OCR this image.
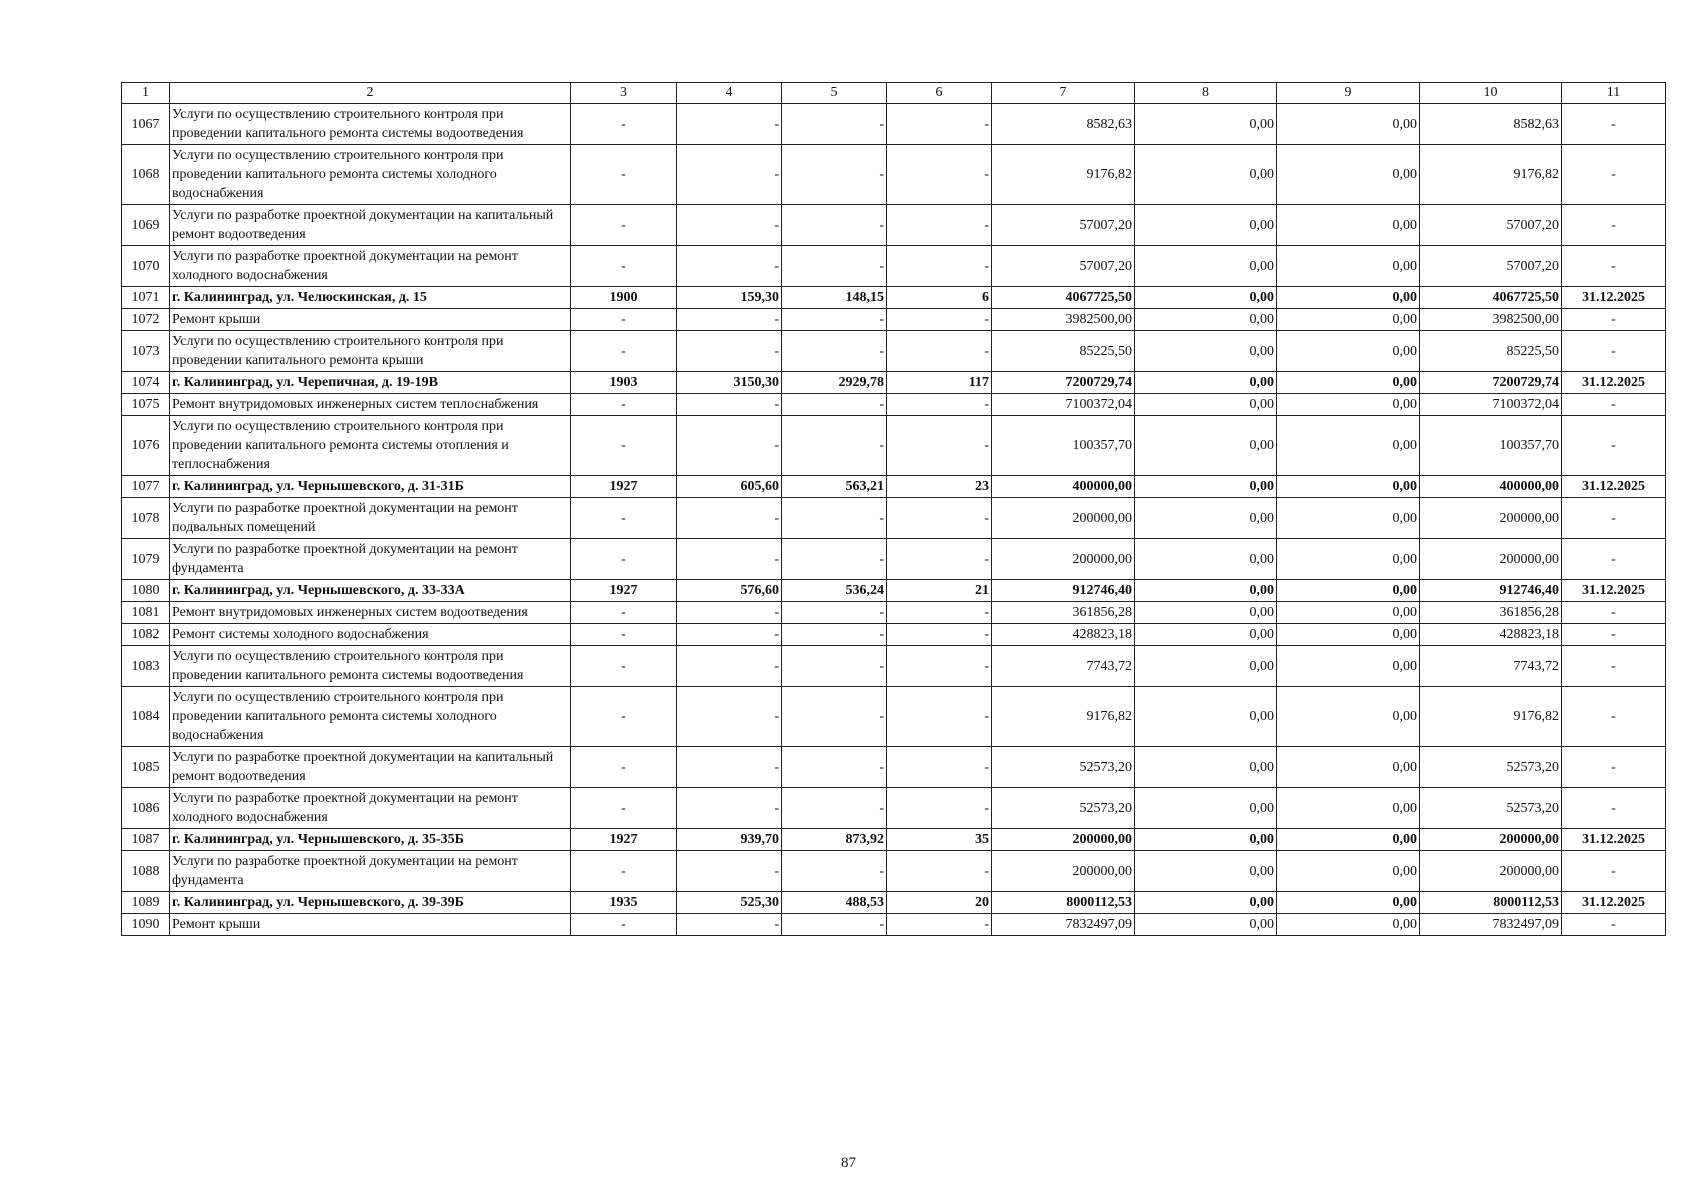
1	2	3	4	5	6	7	8	9	10	11
1067	Услуги по осуществлению строительного контроля при проведении капитального ремонта системы водоотведения	-	-	-	-	8582,63	0,00	0,00	8582,63	-
1068	Услуги по осуществлению строительного контроля при проведении капитального ремонта системы холодного водоснабжения	-	-	-	-	9176,82	0,00	0,00	9176,82	-
1069	Услуги по разработке проектной документации на капитальный ремонт водоотведения	-	-	-	-	57007,20	0,00	0,00	57007,20	-
1070	Услуги по разработке проектной документации на ремонт холодного водоснабжения	-	-	-	-	57007,20	0,00	0,00	57007,20	-
1071	г. Калининград, ул. Челюскинская, д. 15	1900	159,30	148,15	6	4067725,50	0,00	0,00	4067725,50	31.12.2025
1072	Ремонт крыши	-	-	-	-	3982500,00	0,00	0,00	3982500,00	-
1073	Услуги по осуществлению строительного контроля при проведении капитального ремонта крыши	-	-	-	-	85225,50	0,00	0,00	85225,50	-
1074	г. Калининград, ул. Черепичная, д. 19-19В	1903	3150,30	2929,78	117	7200729,74	0,00	0,00	7200729,74	31.12.2025
1075	Ремонт внутридомовых инженерных систем теплоснабжения	-	-	-	-	7100372,04	0,00	0,00	7100372,04	-
1076	Услуги по осуществлению строительного контроля при проведении капитального ремонта системы отопления и теплоснабжения	-	-	-	-	100357,70	0,00	0,00	100357,70	-
1077	г. Калининград, ул. Чернышевского, д. 31-31Б	1927	605,60	563,21	23	400000,00	0,00	0,00	400000,00	31.12.2025
1078	Услуги по разработке проектной документации на ремонт подвальных помещений	-	-	-	-	200000,00	0,00	0,00	200000,00	-
1079	Услуги по разработке проектной документации на ремонт фундамента	-	-	-	-	200000,00	0,00	0,00	200000,00	-
1080	г. Калининград, ул. Чернышевского, д. 33-33А	1927	576,60	536,24	21	912746,40	0,00	0,00	912746,40	31.12.2025
1081	Ремонт внутридомовых инженерных систем водоотведения	-	-	-	-	361856,28	0,00	0,00	361856,28	-
1082	Ремонт системы холодного водоснабжения	-	-	-	-	428823,18	0,00	0,00	428823,18	-
1083	Услуги по осуществлению строительного контроля при проведении капитального ремонта системы водоотведения	-	-	-	-	7743,72	0,00	0,00	7743,72	-
1084	Услуги по осуществлению строительного контроля при проведении капитального ремонта системы холодного водоснабжения	-	-	-	-	9176,82	0,00	0,00	9176,82	-
1085	Услуги по разработке проектной документации на капитальный ремонт водоотведения	-	-	-	-	52573,20	0,00	0,00	52573,20	-
1086	Услуги по разработке проектной документации на ремонт холодного водоснабжения	-	-	-	-	52573,20	0,00	0,00	52573,20	-
1087	г. Калининград, ул. Чернышевского, д. 35-35Б	1927	939,70	873,92	35	200000,00	0,00	0,00	200000,00	31.12.2025
1088	Услуги по разработке проектной документации на ремонт фундамента	-	-	-	-	200000,00	0,00	0,00	200000,00	-
1089	г. Калининград, ул. Чернышевского, д. 39-39Б	1935	525,30	488,53	20	8000112,53	0,00	0,00	8000112,53	31.12.2025
1090	Ремонт крыши	-	-	-	-	7832497,09	0,00	0,00	7832497,09	-
87
